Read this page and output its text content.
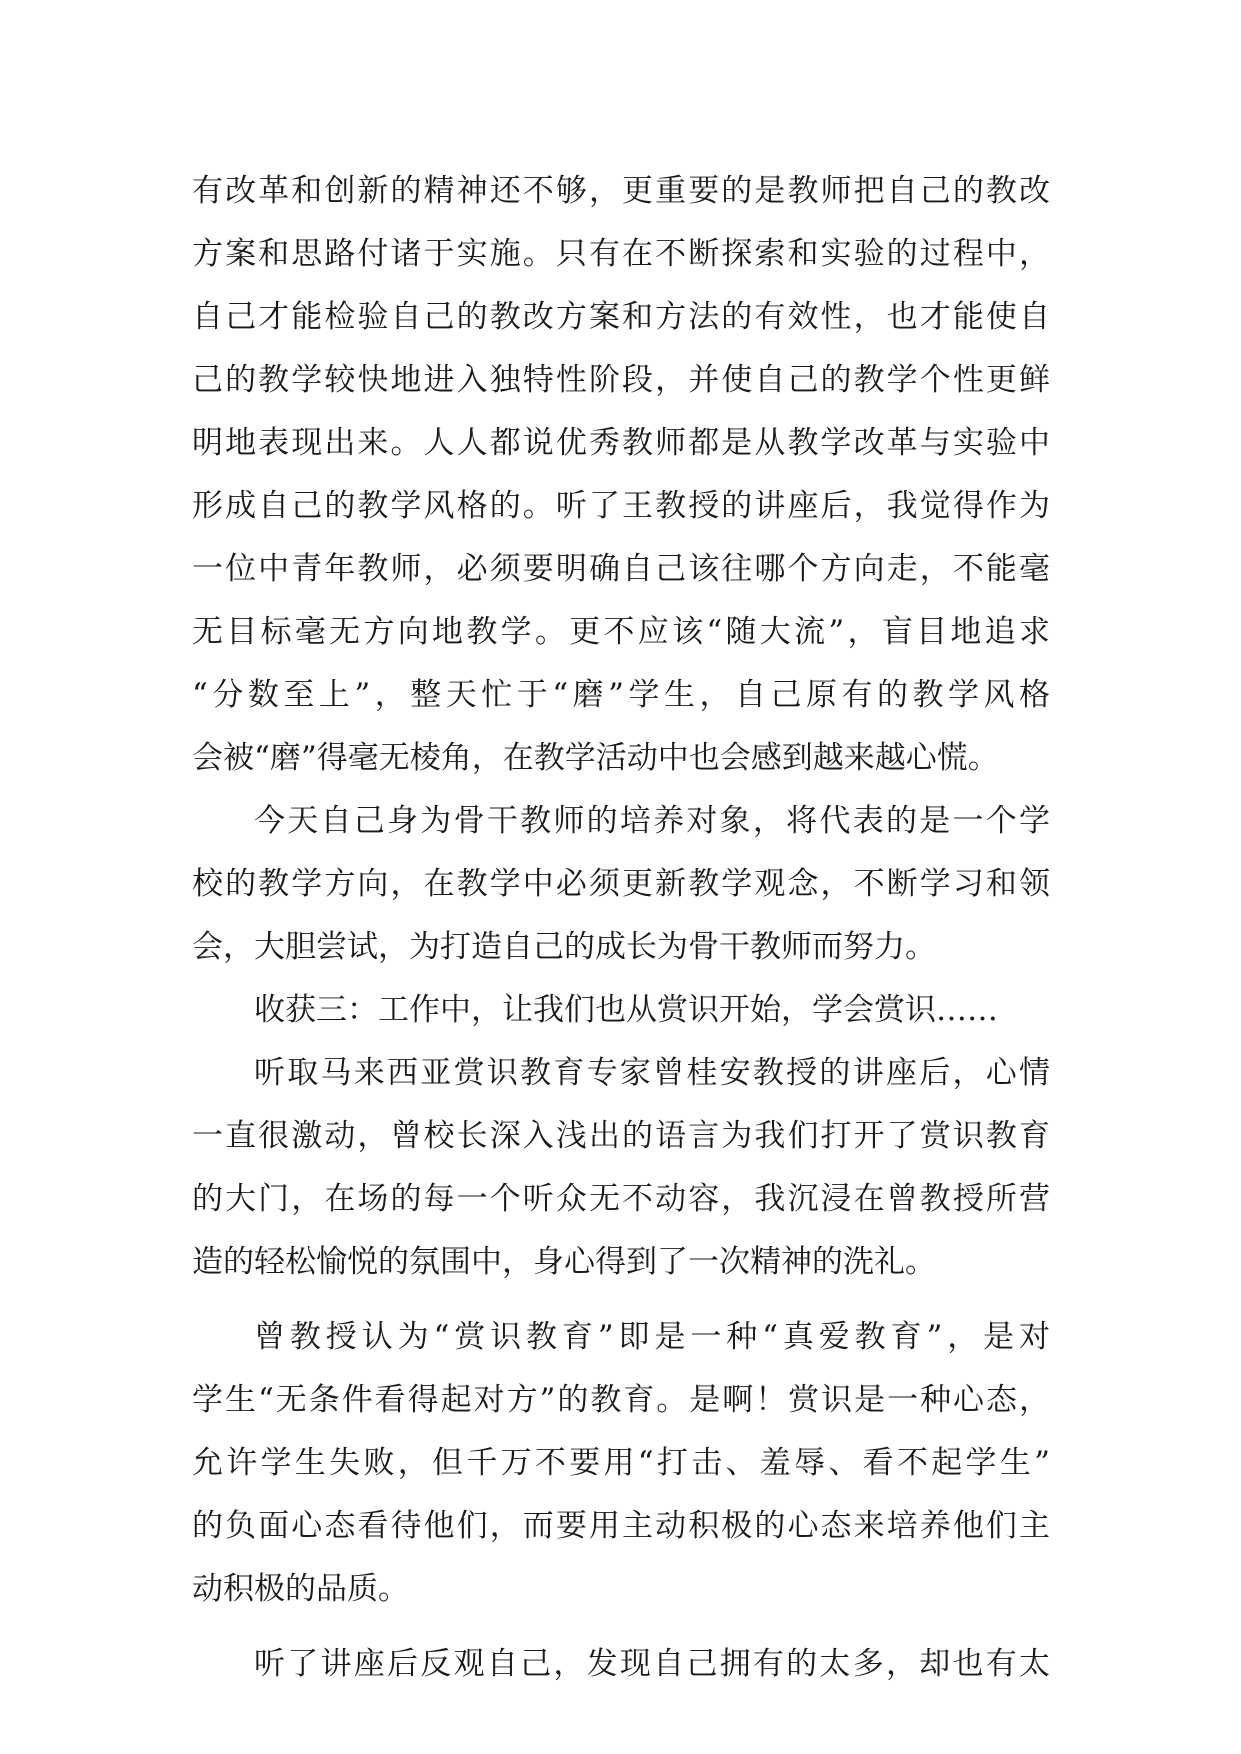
有改革和创新的精神还不够，更重要的是教师把自己的教改
方案和思路付诸于实施。只有在不断探索和实验的过程中，
自己才能检验自己的教改方案和方法的有效性，也才能使自
己的教学较快地进入独特性阶段，并使自己的教学个性更鲜
明地表现出来。人人都说优秀教师都是从教学改革与实验中
形成自己的教学风格的。听了王教授的讲座后，我觉得作为
一位中青年教师，必须要明确自己该往哪个方向走，不能毫
无目标毫无方向地教学。更不应该“随大流”，盲目地追求
“分数至上”，整天忙于“磨”学生，自己原有的教学风格
会被“磨”得毫无棱角，在教学活动中也会感到越来越心慌。
今天自己身为骨干教师的培养对象，将代表的是一个学
校的教学方向，在教学中必须更新教学观念，不断学习和领
会，大胆尝试，为打造自己的成长为骨干教师而努力。
收获三：工作中，让我们也从赏识开始，学会赏识……
听取马来西亚赏识教育专家曾桂安教授的讲座后，心情
一直很激动，曾校长深入浅出的语言为我们打开了赏识教育
的大门，在场的每一个听众无不动容，我沉浸在曾教授所营
造的轻松愉悦的氛围中，身心得到了一次精神的洗礼。
曾教授认为“赏识教育”即是一种“真爱教育”，是对
学生“无条件看得起对方”的教育。是啊！赏识是一种心态，
允许学生失败，但千万不要用“打击、羞辱、看不起学生”
的负面心态看待他们，而要用主动积极的心态来培养他们主
动积极的品质。
听了讲座后反观自己，发现自己拥有的太多，却也有太
